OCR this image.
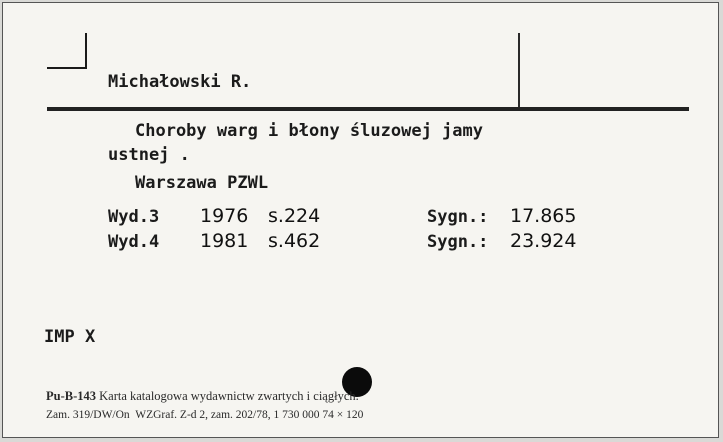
Michałowski R.
Choroby warg i błony śluzowej jamy
ustnej .
Warszawa PZWL
Wyd.3 1976 s.224	Sygn.: 17.865
Wyd.4 1981 s.462	Sygn.: 23.924
IMP X
Pu-B-143 Karta katalogowa wydawnictw zwartych i ciągłych.
Zam. 319/DW/On  WZGraf. Z-d 2, zam. 202/78, 1 730 000 74 × 120
